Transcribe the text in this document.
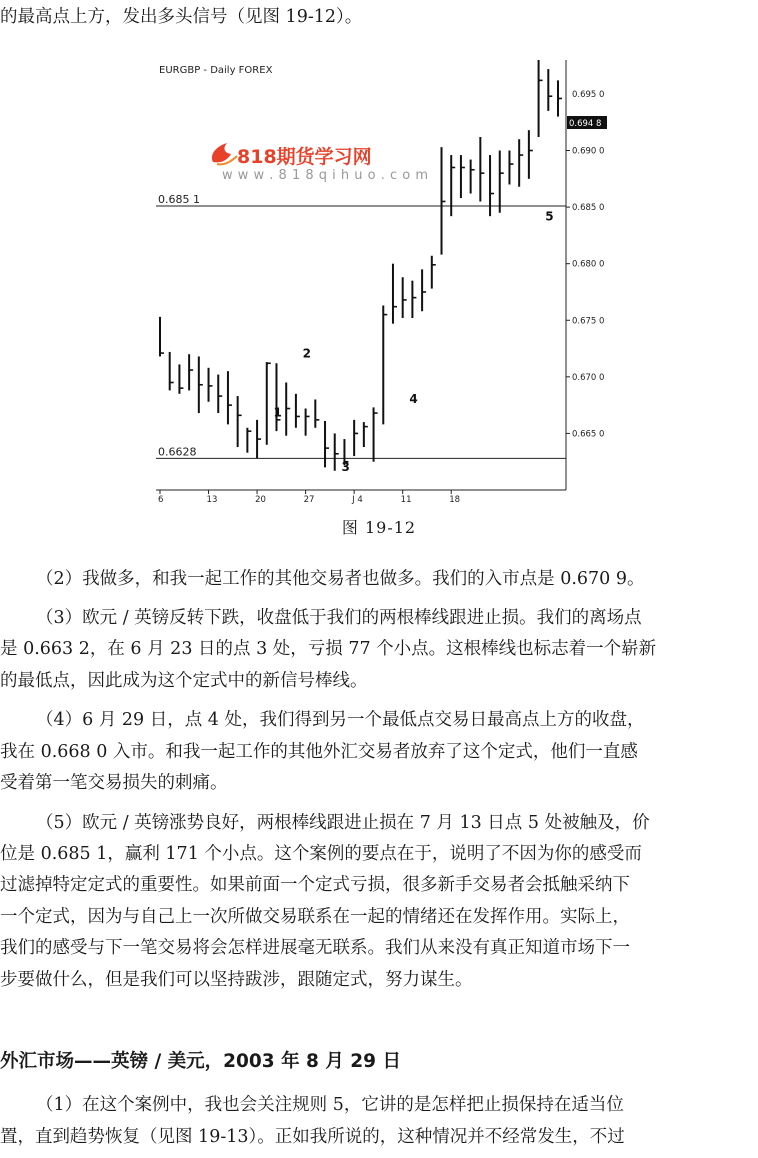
的最高点上方，发出多头信号（见图 19-12）。
EURGBP - Daily FOREX
0.685 1
0.6628
1
2
3
4
5
0.665 0
0.670 0
0.675 0
0.680 0
0.685 0
0.690 0
0.695 0
6	13	20	27	J 4	11	18
0.694 8
818期货学习网
w w w . 8 1 8 q i h u o . c o m
图 19-12
（2）我做多，和我一起工作的其他交易者也做多。我们的入市点是 0.670 9。
（3）欧元 / 英镑反转下跌，收盘低于我们的两根棒线跟进止损。我们的离场点
是 0.663 2，在 6 月 23 日的点 3 处，亏损 77 个小点。这根棒线也标志着一个崭新
的最低点，因此成为这个定式中的新信号棒线。
（4）6 月 29 日，点 4 处，我们得到另一个最低点交易日最高点上方的收盘，
我在 0.668 0 入市。和我一起工作的其他外汇交易者放弃了这个定式，他们一直感
受着第一笔交易损失的刺痛。
（5）欧元 / 英镑涨势良好，两根棒线跟进止损在 7 月 13 日点 5 处被触及，价
位是 0.685 1，赢利 171 个小点。这个案例的要点在于，说明了不因为你的感受而
过滤掉特定定式的重要性。如果前面一个定式亏损，很多新手交易者会抵触采纳下
一个定式，因为与自己上一次所做交易联系在一起的情绪还在发挥作用。实际上，
我们的感受与下一笔交易将会怎样进展毫无联系。我们从来没有真正知道市场下一
步要做什么，但是我们可以坚持跋涉，跟随定式，努力谋生。
外汇市场——英镑 / 美元，2003 年 8 月 29 日
（1）在这个案例中，我也会关注规则 5，它讲的是怎样把止损保持在适当位
置，直到趋势恢复（见图 19-13）。正如我所说的，这种情况并不经常发生，不过
